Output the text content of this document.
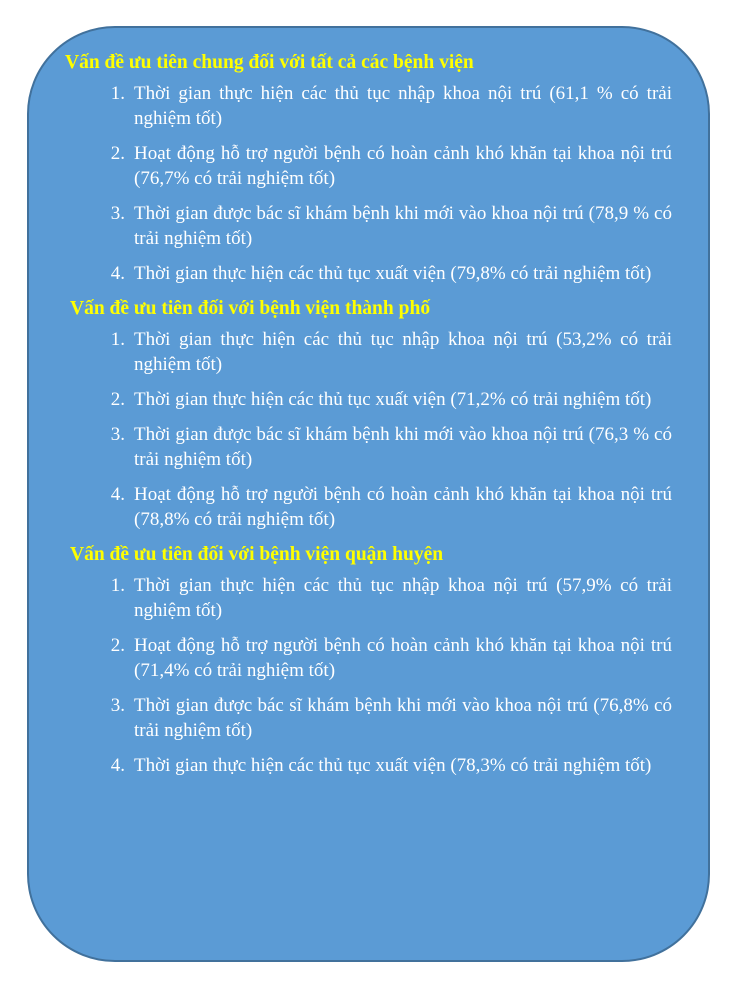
Vấn đề ưu tiên chung đối với tất cả các bệnh viện
1. Thời gian thực hiện các thủ tục nhập khoa nội trú (61,1 % có trải nghiệm tốt)
2. Hoạt động hỗ trợ người bệnh có hoàn cảnh khó khăn tại khoa nội trú (76,7% có trải nghiệm tốt)
3. Thời gian được bác sĩ khám bệnh khi mới vào khoa nội trú (78,9 % có trải nghiệm tốt)
4. Thời gian thực hiện các thủ tục xuất viện (79,8% có trải nghiệm tốt)
Vấn đề ưu tiên đối với bệnh viện thành phố
1. Thời gian thực hiện các thủ tục nhập khoa nội trú (53,2% có trải nghiệm tốt)
2. Thời gian thực hiện các thủ tục xuất viện (71,2% có trải nghiệm tốt)
3. Thời gian được bác sĩ khám bệnh khi mới vào khoa nội trú (76,3 % có trải nghiệm tốt)
4. Hoạt động hỗ trợ người bệnh có hoàn cảnh khó khăn tại khoa nội trú (78,8% có trải nghiệm tốt)
Vấn đề ưu tiên đối với bệnh viện quận huyện
1. Thời gian thực hiện các thủ tục nhập khoa nội trú (57,9% có trải nghiệm tốt)
2. Hoạt động hỗ trợ người bệnh có hoàn cảnh khó khăn tại khoa nội trú (71,4% có trải nghiệm tốt)
3. Thời gian được bác sĩ khám bệnh khi mới vào khoa nội trú (76,8% có trải nghiệm tốt)
4. Thời gian thực hiện các thủ tục xuất viện (78,3% có trải nghiệm tốt)
